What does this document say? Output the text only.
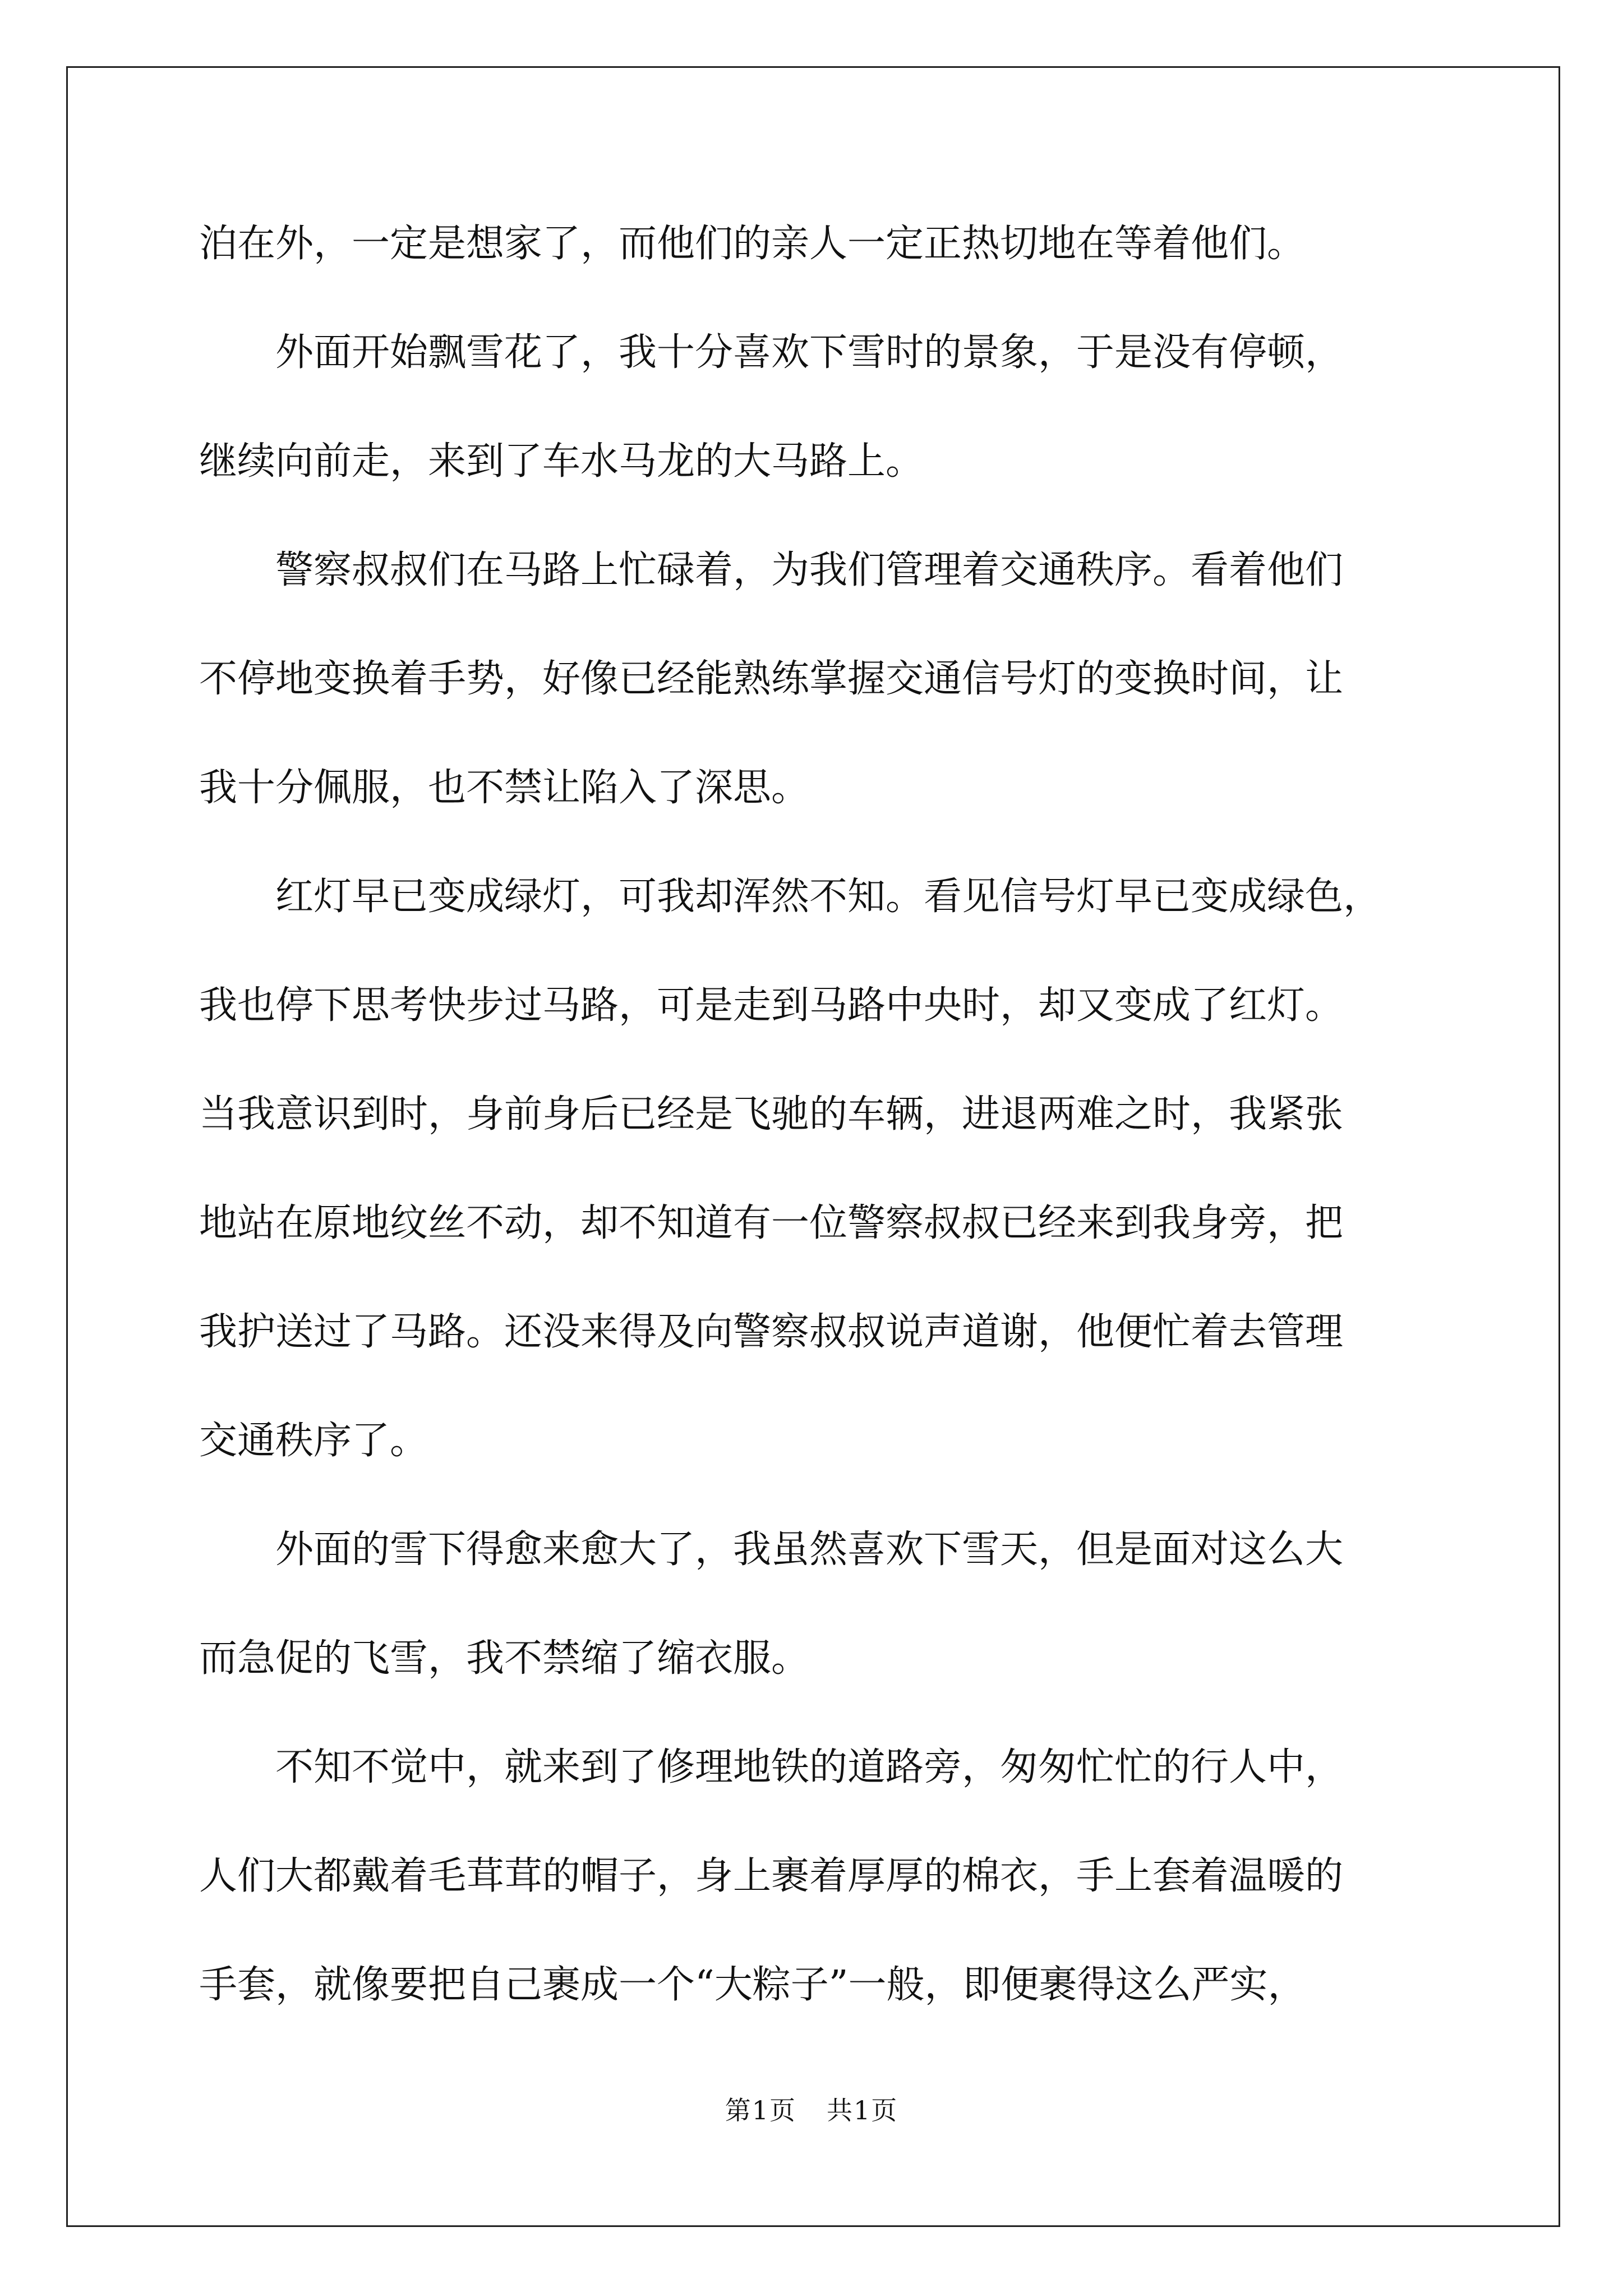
泊在外，一定是想家了，而他们的亲人一定正热切地在等着他们。
外面开始飘雪花了，我十分喜欢下雪时的景象，于是没有停顿，
继续向前走，来到了车水马龙的大马路上。
警察叔叔们在马路上忙碌着，为我们管理着交通秩序。看着他们
不停地变换着手势，好像已经能熟练掌握交通信号灯的变换时间，让
我十分佩服，也不禁让陷入了深思。
红灯早已变成绿灯，可我却浑然不知。看见信号灯早已变成绿色，
我也停下思考快步过马路，可是走到马路中央时，却又变成了红灯。
当我意识到时，身前身后已经是飞驰的车辆，进退两难之时，我紧张
地站在原地纹丝不动，却不知道有一位警察叔叔已经来到我身旁，把
我护送过了马路。还没来得及向警察叔叔说声道谢，他便忙着去管理
交通秩序了。
外面的雪下得愈来愈大了，我虽然喜欢下雪天，但是面对这么大
而急促的飞雪，我不禁缩了缩衣服。
不知不觉中，就来到了修理地铁的道路旁，匆匆忙忙的行人中，
人们大都戴着毛茸茸的帽子，身上裹着厚厚的棉衣，手上套着温暖的
手套，就像要把自己裹成一个“大粽子”一般，即便裹得这么严实，
第1页 共1页
